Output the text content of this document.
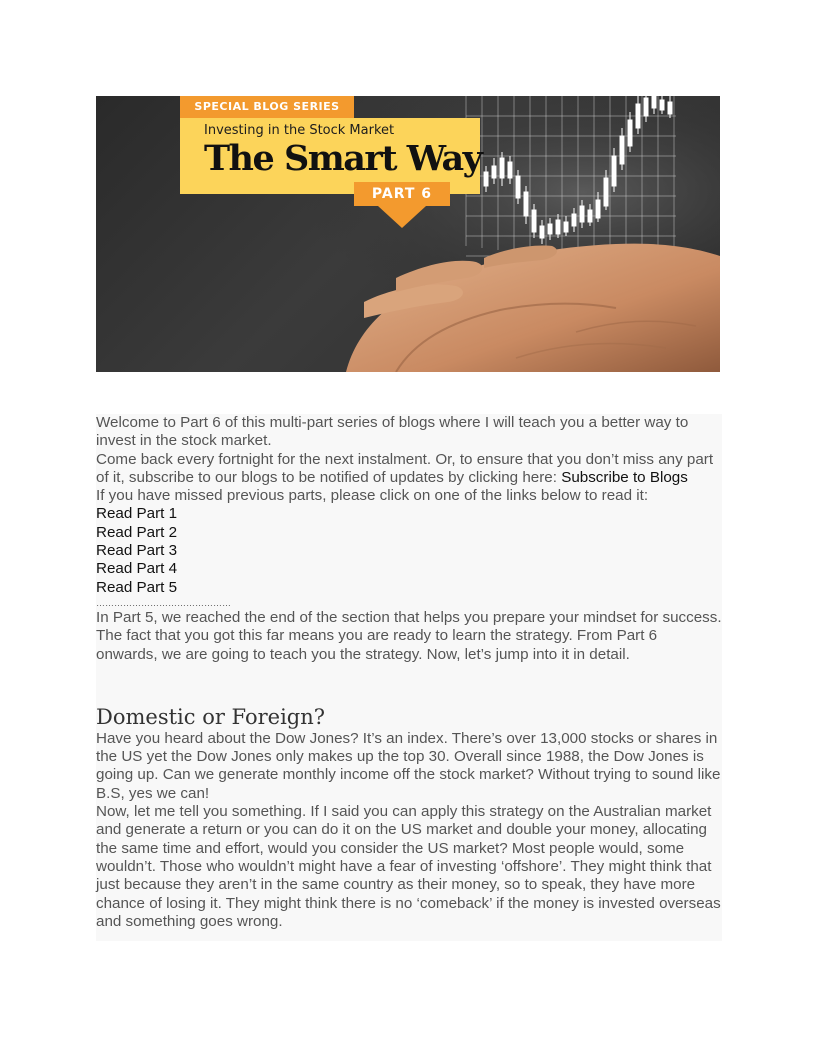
SPECIAL BLOG SERIES
Investing in the Stock Market
The Smart Way
PART 6

Welcome to Part 6 of this multi-part series of blogs where I will teach you a better way to invest in the stock market.

Come back every fortnight for the next instalment. Or, to ensure that you don’t miss any part of it, subscribe to our blogs to be notified of updates by clicking here: Subscribe to Blogs

If you have missed previous parts, please click on one of the links below to read it:

Read Part 1
Read Part 2
Read Part 3
Read Part 4
Read Part 5
………………………………………

In Part 5, we reached the end of the section that helps you prepare your mindset for success. The fact that you got this far means you are ready to learn the strategy. From Part 6 onwards, we are going to teach you the strategy. Now, let’s jump into it in detail.

Domestic or Foreign?

Have you heard about the Dow Jones? It’s an index. There’s over 13,000 stocks or shares in the US yet the Dow Jones only makes up the top 30. Overall since 1988, the Dow Jones is going up. Can we generate monthly income off the stock market? Without trying to sound like B.S, yes we can!

Now, let me tell you something. If I said you can apply this strategy on the Australian market and generate a return or you can do it on the US market and double your money, allocating the same time and effort, would you consider the US market? Most people would, some wouldn’t. Those who wouldn’t might have a fear of investing ‘offshore’. They might think that just because they aren’t in the same country as their money, so to speak, they have more chance of losing it. They might think there is no ‘comeback’ if the money is invested overseas and something goes wrong.
